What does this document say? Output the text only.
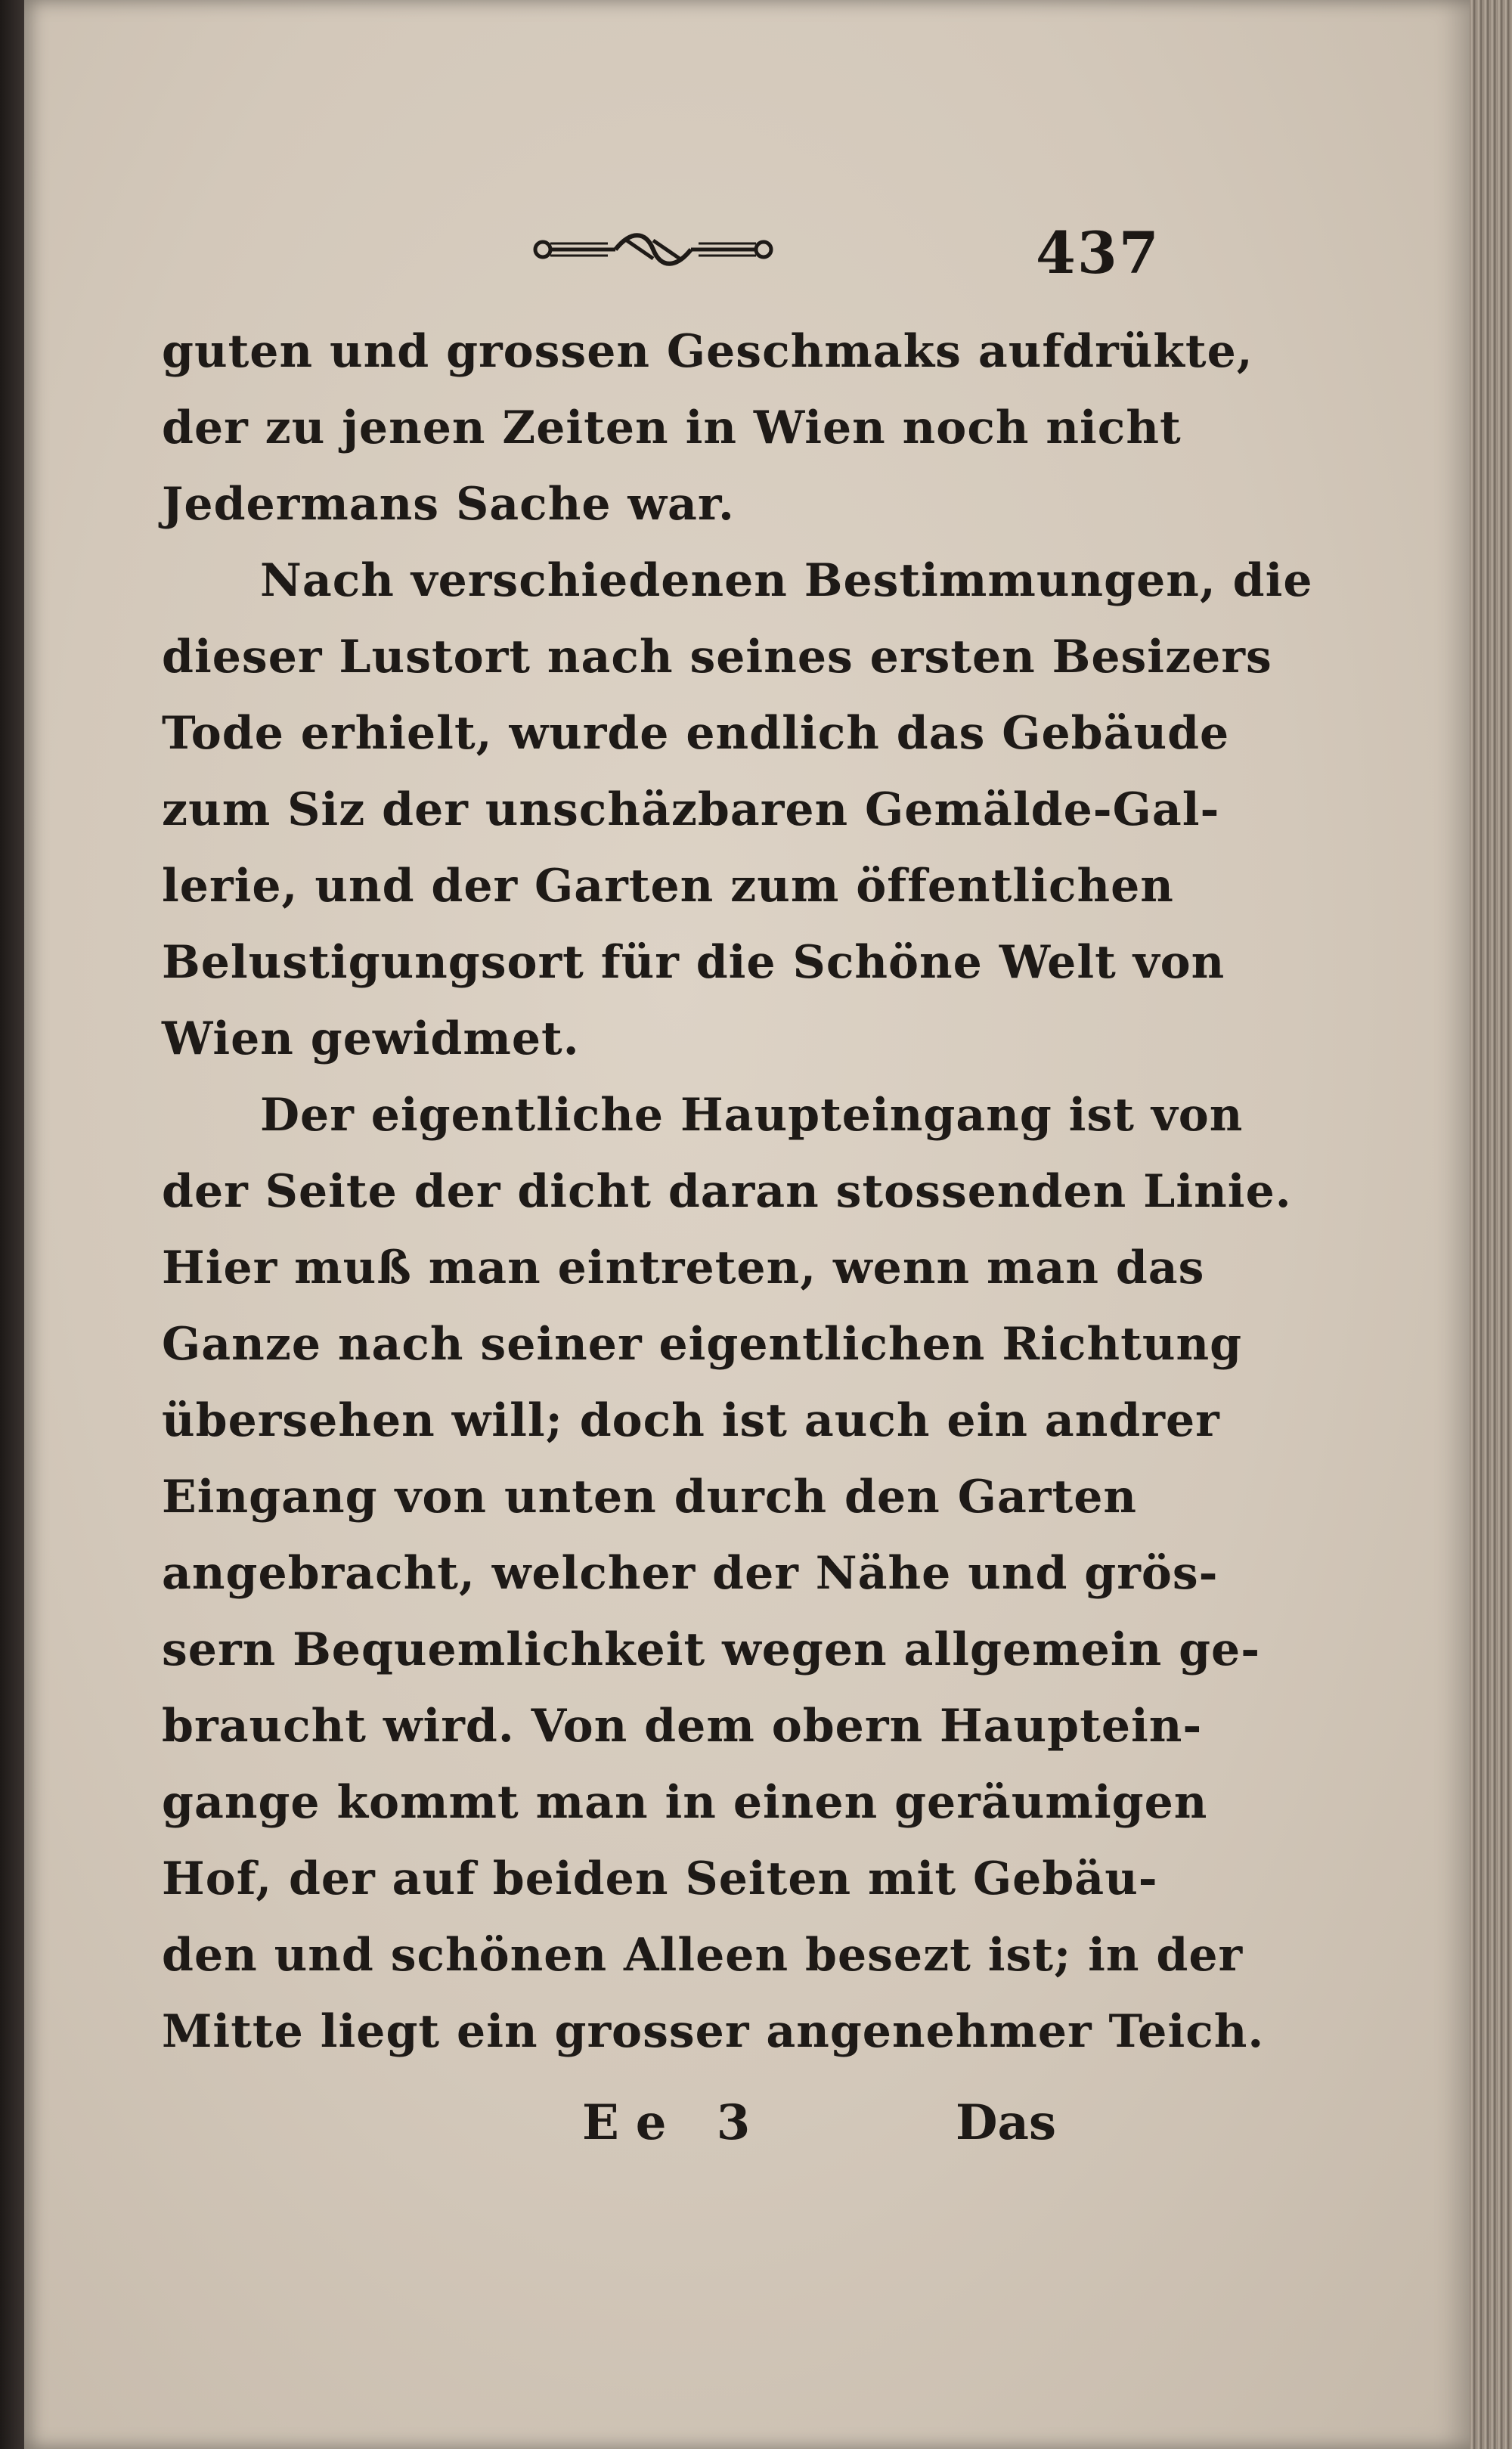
437
guten und grossen Geschmaks aufdrükte,
der zu jenen Zeiten in Wien noch nicht
Jedermans Sache war.
Nach verschiedenen Bestimmungen, die
dieser Lustort nach seines ersten Besizers
Tode erhielt, wurde endlich das Gebäude
zum Siz der unschäzbaren Gemälde-Gal-
lerie, und der Garten zum öffentlichen
Belustigungsort für die Schöne Welt von
Wien gewidmet.
Der eigentliche Haupteingang ist von
der Seite der dicht daran stossenden Linie.
Hier muß man eintreten, wenn man das
Ganze nach seiner eigentlichen Richtung
übersehen will; doch ist auch ein andrer
Eingang von unten durch den Garten
angebracht, welcher der Nähe und grös-
sern Bequemlichkeit wegen allgemein ge-
braucht wird. Von dem obern Hauptein-
gange kommt man in einen geräumigen
Hof, der auf beiden Seiten mit Gebäu-
den und schönen Alleen besezt ist; in der
Mitte liegt ein grosser angenehmer Teich.
Ee 3	Das
